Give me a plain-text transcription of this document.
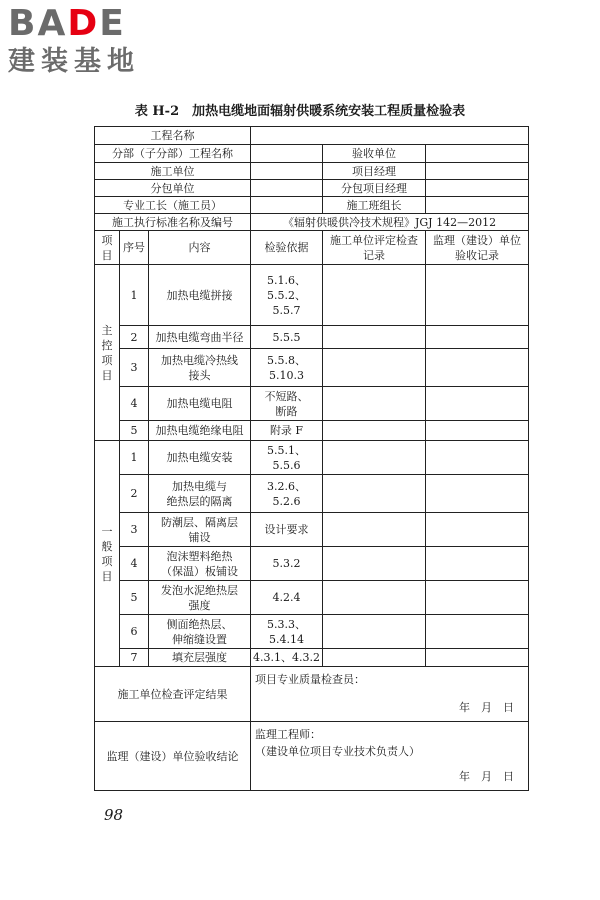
BADE
建装基地
表 H-2　加热电缆地面辐射供暖系统安装工程质量检验表
工程名称					
分部（子分部）工程名称				验收单位	
施工单位				项目经理	
分包单位				分包项目经理	
专业工长（施工员）				施工班组长	
施工执行标准名称及编号			《辐射供暖供冷技术规程》JGJ 142—2012		
项目	序号	内容	检验依据	施工单位评定检查记录	监理（建设）单位验收记录
主
控
项
目	1	加热电缆拼接	5.1.6、
5.5.2、
5.5.7		
	2	加热电缆弯曲半径	5.5.5		
	3	加热电缆冷热线
接头	5.5.8、
5.10.3		
	4	加热电缆电阻	不短路、
断路		
	5	加热电缆绝缘电阻	附录 F		
一
般
项
目	1	加热电缆安装	5.5.1、
5.5.6		
	2	加热电缆与
绝热层的隔离	3.2.6、
5.2.6		
	3	防潮层、隔离层
铺设	设计要求		
	4	泡沫塑料绝热
（保温）板铺设	5.3.2		
	5	发泡水泥绝热层
强度	4.2.4		
	6	侧面绝热层、
伸缩缝设置	5.3.3、
5.4.14		
	7	填充层强度	4.3.1、4.3.2		
施工单位检查评定结果			项目专业质量检查员：
年　月　日		

监理（建设）单位验收结论			监理工程师：
（建设单位项目专业技术负责人）
年　月　日		
98
